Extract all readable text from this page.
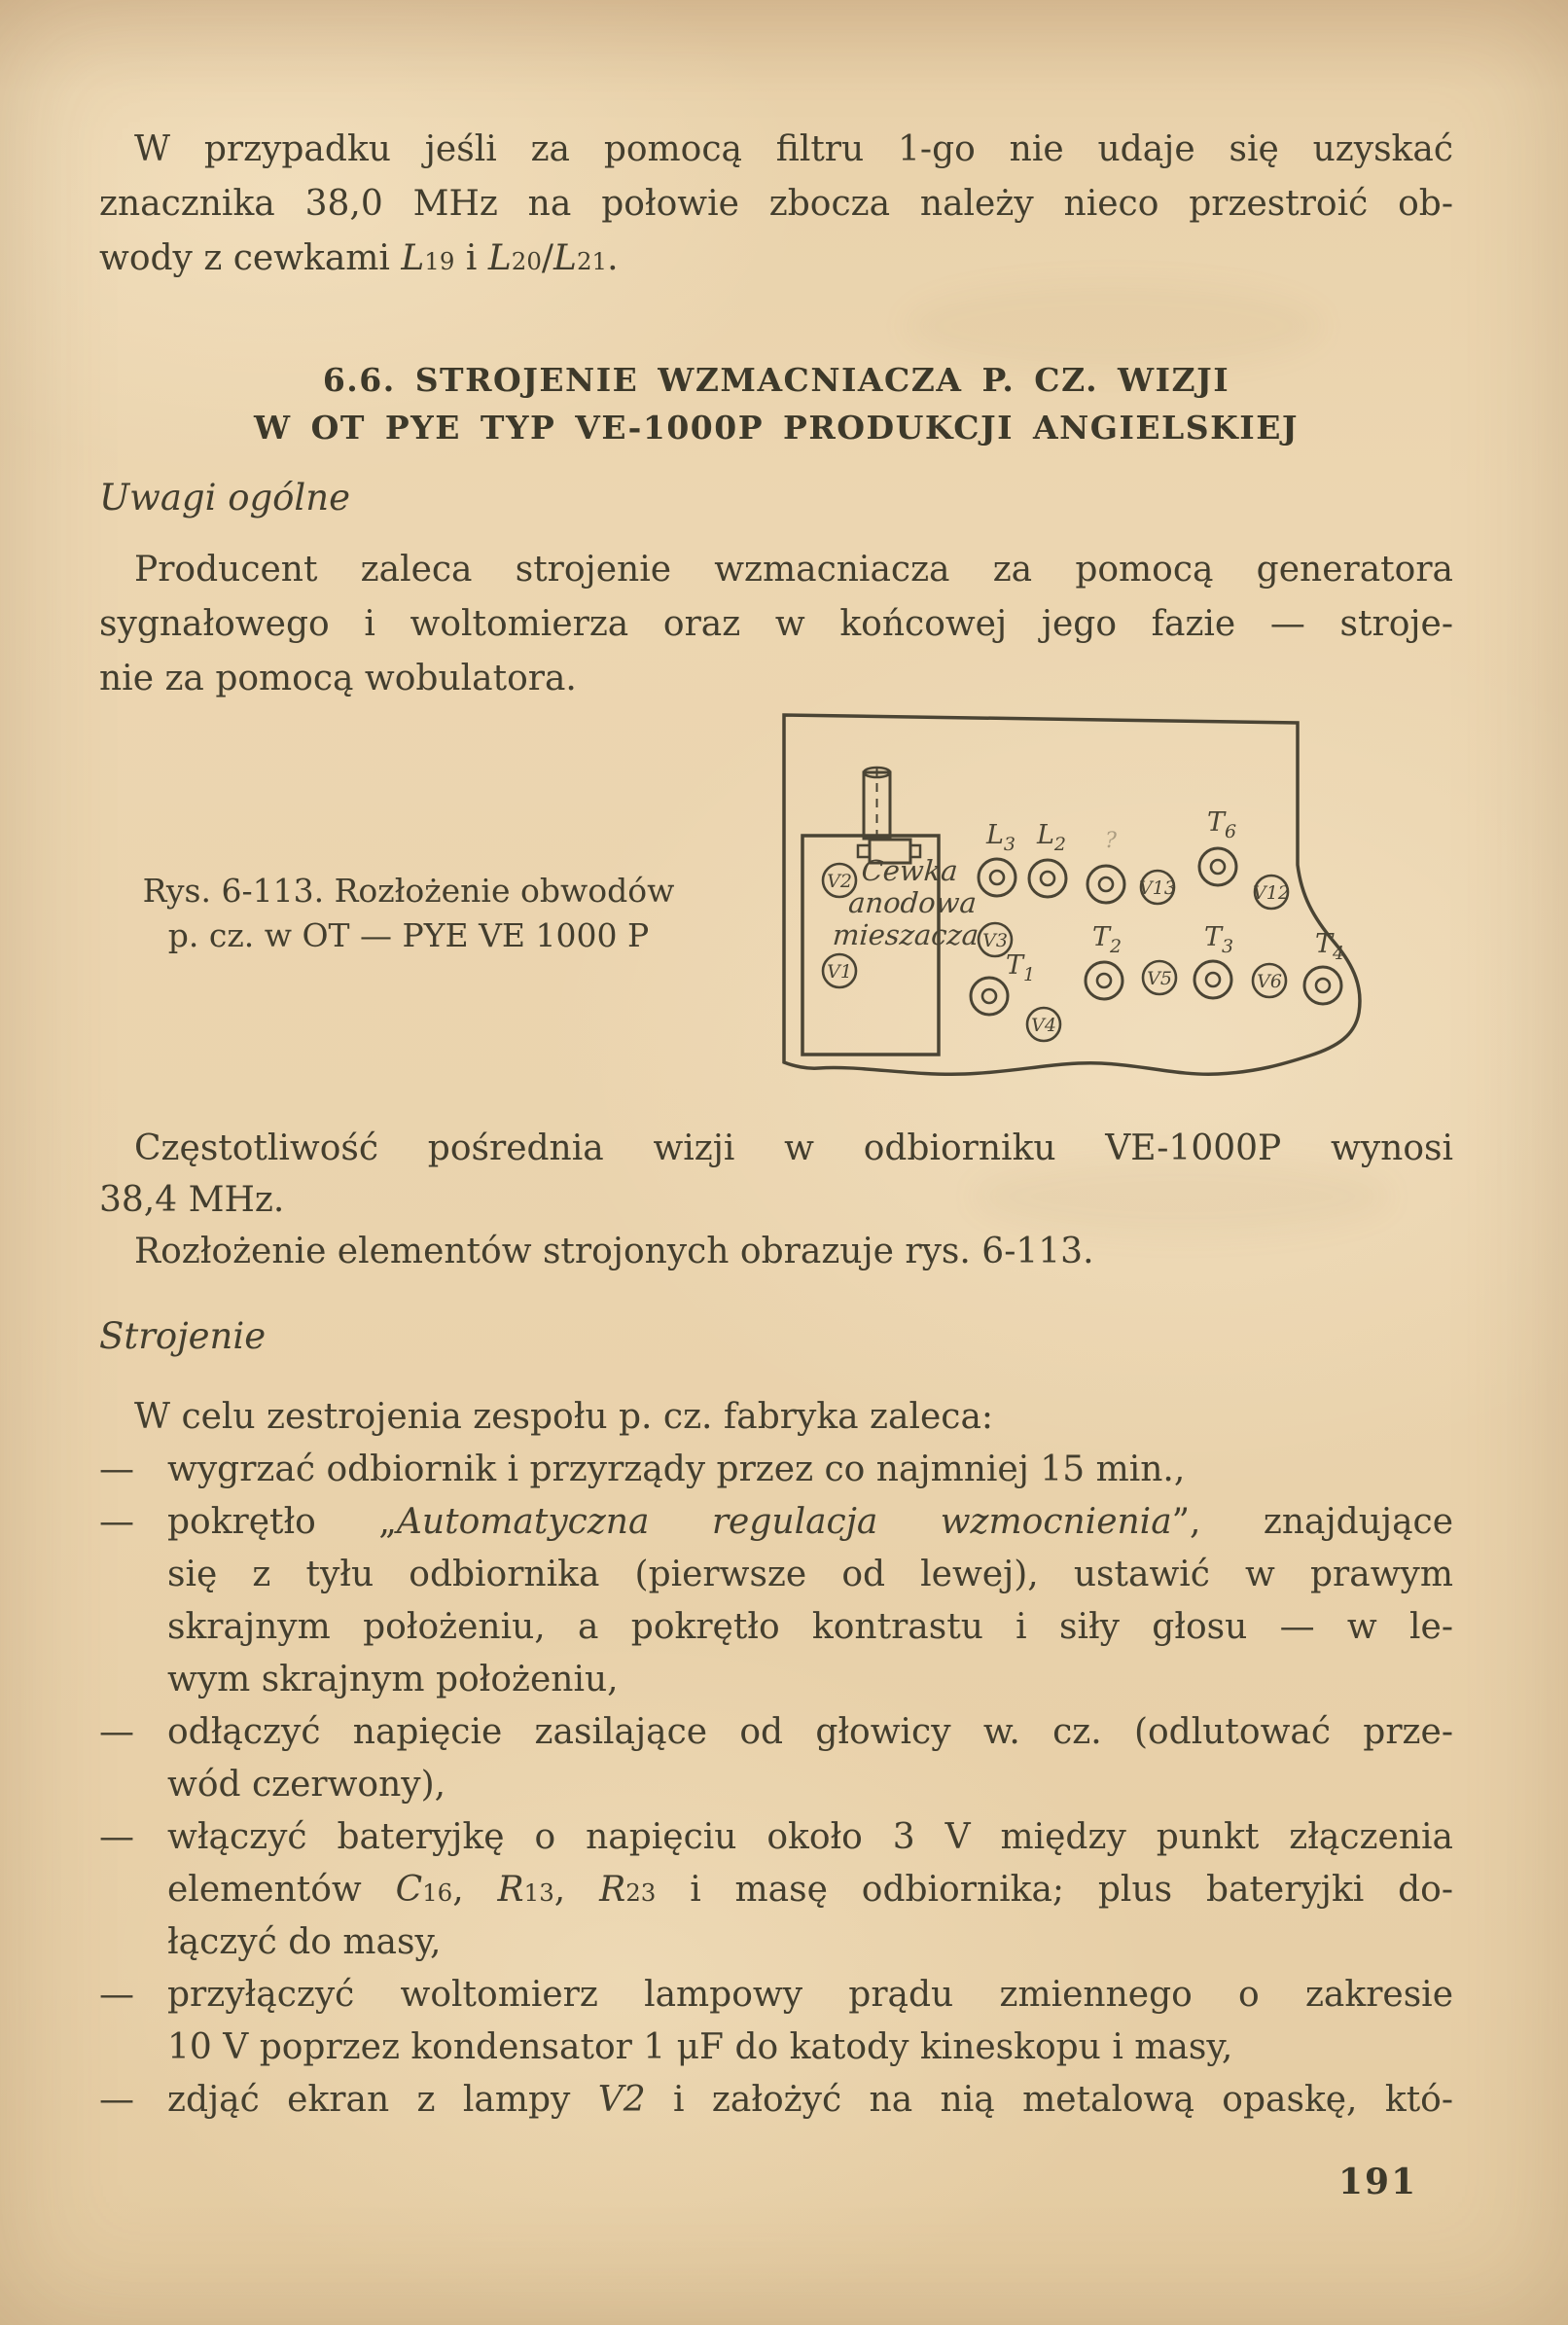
W przypadku jeśli za pomocą filtru 1-go nie udaje się uzyskać
znacznika 38,0 MHz na połowie zbocza należy nieco przestroić ob-
wody z cewkami $L_{19}$ i $L_{20}/L_{21}$.
6.6. STROJENIE WZMACNIACZA P. CZ. WIZJI
W OT PYE TYP VE-1000P PRODUKCJI ANGIELSKIEJ
Uwagi ogólne
Producent zaleca strojenie wzmacniacza za pomocą generatora
sygnałowego i woltomierza oraz w końcowej jego fazie — stroje-
nie za pomocą wobulatora.
Rys. 6-113. Rozłożenie obwodów
p. cz. w OT — PYE VE 1000 P
Cewka
anodowa
mieszacza
V2
V1
V3
V4
V13	V12
V5	V6
$L_3$ $L_2$ ?
$T_6$
$T_1$
$T_2$	$T_3$	$T_4$
Częstotliwość pośrednia wizji w odbiorniku VE-1000P wynosi
38,4 MHz.
Rozłożenie elementów strojonych obrazuje rys. 6-113.
Strojenie
W celu zestrojenia zespołu p. cz. fabryka zaleca:
— wygrzać odbiornik i przyrządy przez co najmniej 15 min.,
— pokrętło „Automatyczna regulacja wzmocnienia”, znajdujące
się z tyłu odbiornika (pierwsze od lewej), ustawić w prawym
skrajnym położeniu, a pokrętło kontrastu i siły głosu — w le-
wym skrajnym położeniu,
— odłączyć napięcie zasilające od głowicy w. cz. (odlutować prze-
wód czerwony),
— włączyć bateryjkę o napięciu około 3 V między punkt złączenia
elementów $C_{16}$, $R_{13}$, $R_{23}$ i masę odbiornika; plus bateryjki do-
łączyć do masy,
— przyłączyć woltomierz lampowy prądu zmiennego o zakresie
10 V poprzez kondensator 1 μF do katody kineskopu i masy,
— zdjąć ekran z lampy V2 i założyć na nią metalową opaskę, któ-
191
